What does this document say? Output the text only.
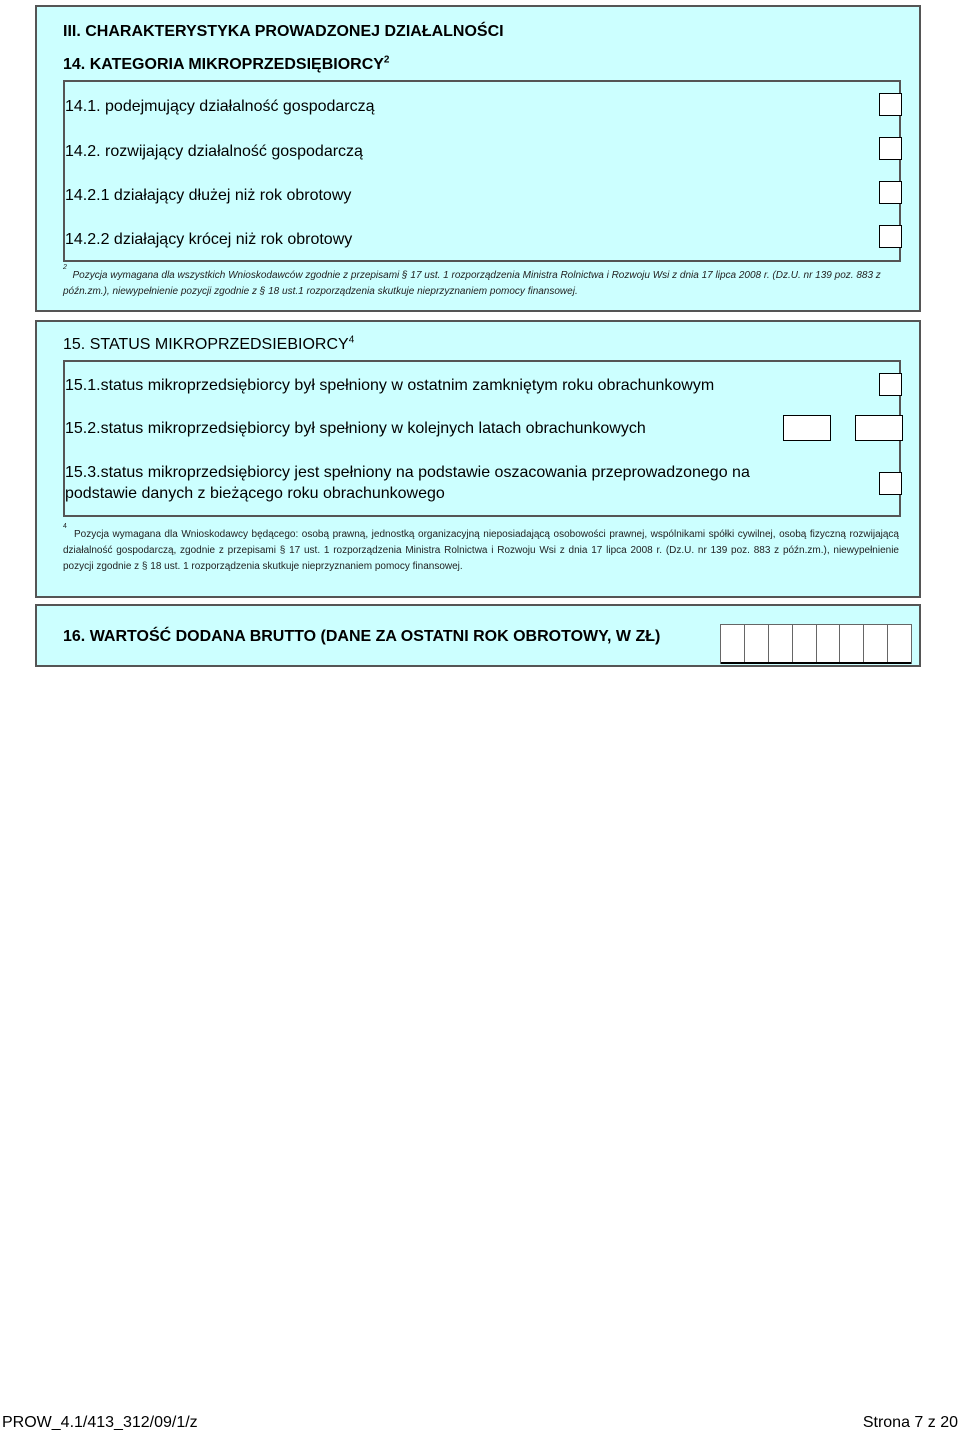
III. CHARAKTERYSTYKA PROWADZONEJ DZIAŁALNOŚCI
14. KATEGORIA MIKROPRZEDSIĘBIORCY$^2$
14.1. podejmujący działalność gospodarczą
14.2. rozwijający działalność gospodarczą
14.2.1 działający dłużej niż rok obrotowy
14.2.2 działający krócej niż rok obrotowy
$^2$  Pozycja wymagana dla wszystkich Wnioskodawców zgodnie z przepisami § 17 ust. 1 rozporządzenia Ministra Rolnictwa i Rozwoju Wsi z dnia 17 lipca 2008 r. (Dz.U. nr 139 poz. 883 z późn.zm.), niewypełnienie pozycji zgodnie z § 18 ust.1 rozporządzenia skutkuje nieprzyznaniem pomocy finansowej.
15. STATUS MIKROPRZEDSIEBIORCY$^4$
15.1.status mikroprzedsiębiorcy był spełniony w ostatnim zamkniętym roku obrachunkowym
15.2.status mikroprzedsiębiorcy był spełniony w kolejnych latach obrachunkowych
15.3.status mikroprzedsiębiorcy jest spełniony na podstawie oszacowania przeprowadzonego na
podstawie danych z bieżącego roku obrachunkowego
$^4$  Pozycja wymagana dla Wnioskodawcy będącego: osobą prawną, jednostką organizacyjną nieposiadającą osobowości prawnej, wspólnikami spółki cywilnej, osobą fizyczną rozwijającą działalność gospodarczą, zgodnie z przepisami § 17 ust. 1 rozporządzenia Ministra Rolnictwa i Rozwoju Wsi z dnia 17 lipca 2008 r. (Dz.U. nr 139 poz. 883 z późn.zm.), niewypełnienie pozycji zgodnie z § 18 ust. 1 rozporządzenia skutkuje nieprzyznaniem pomocy finansowej.
16. WARTOŚĆ DODANA BRUTTO (DANE ZA OSTATNI ROK OBROTOWY, W ZŁ)
PROW_4.1/413_312/09/1/z	Strona 7 z 20
